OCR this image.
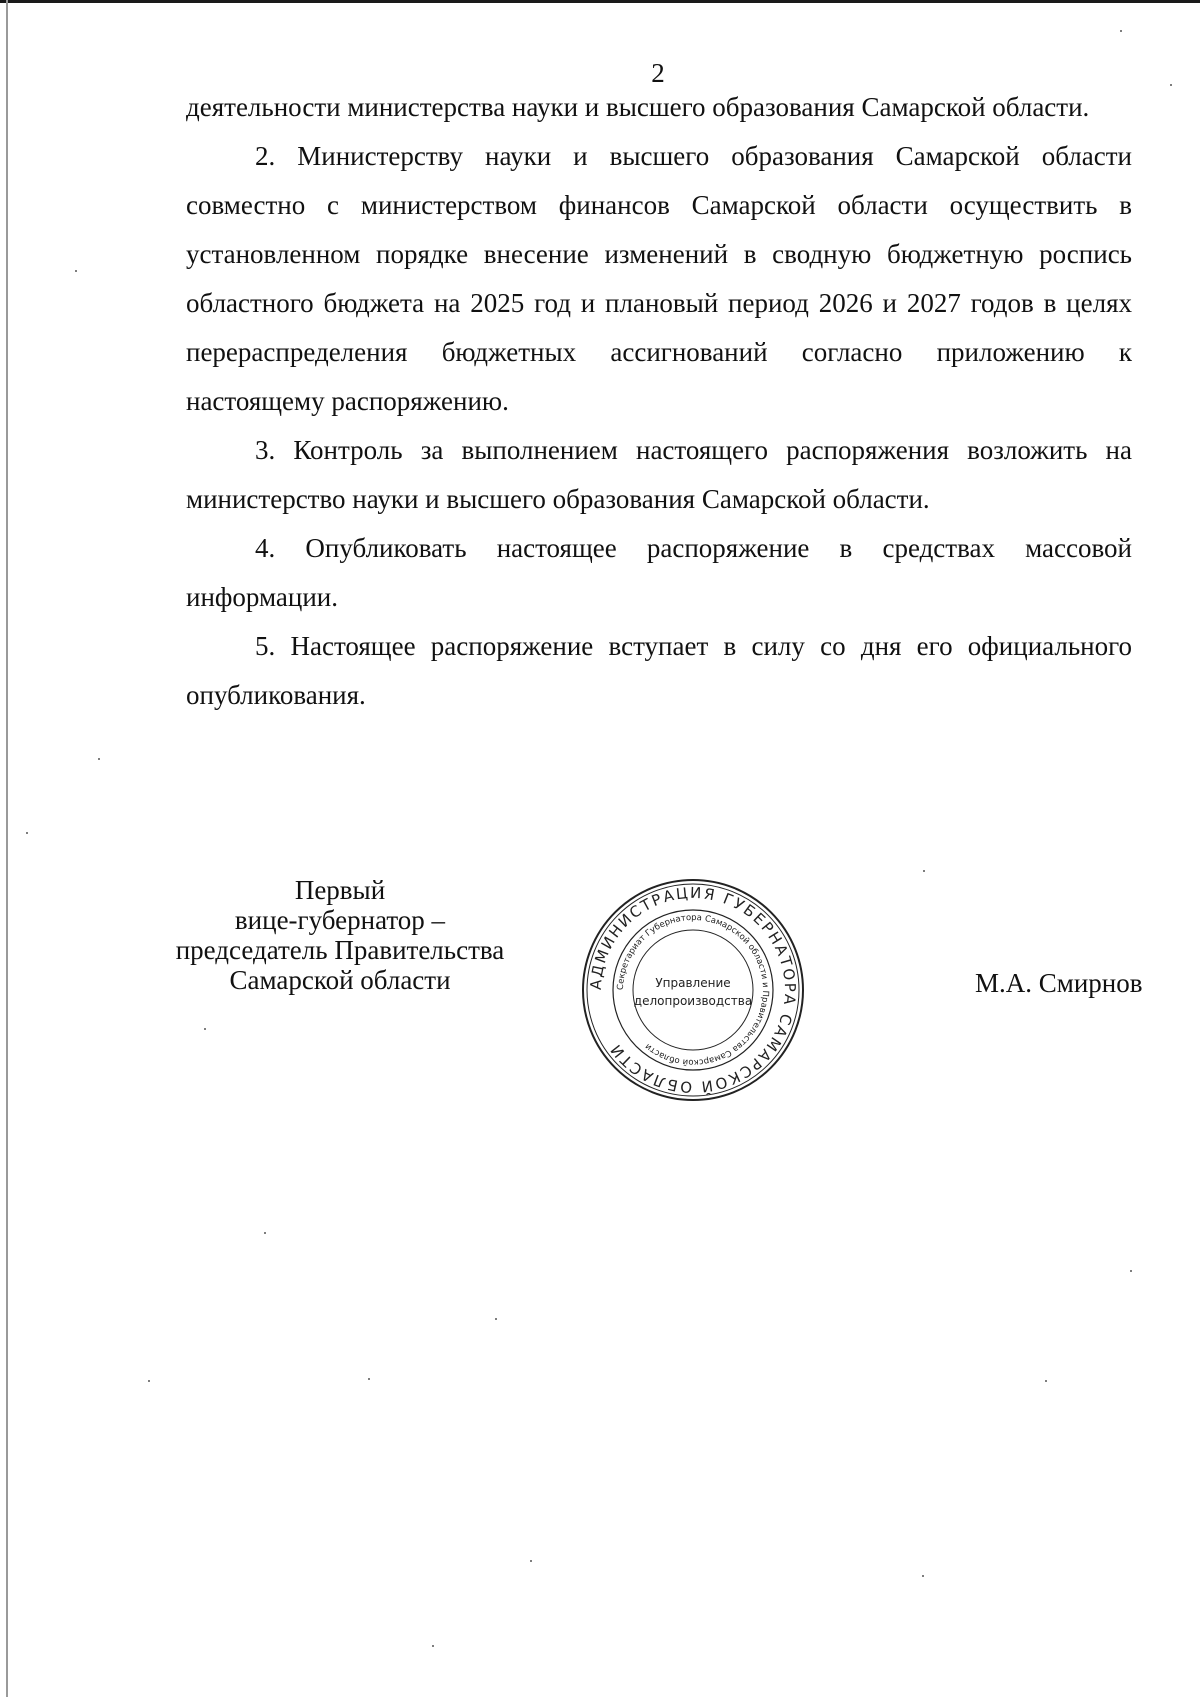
2

деятельности министерства науки и высшего образования Самарской области.

2. Министерству науки и высшего образования Самарской области совместно с министерством финансов Самарской области осуществить в установленном порядке внесение изменений в сводную бюджетную роспись областного бюджета на 2025 год и плановый период 2026 и 2027 годов в целях перераспределения бюджетных ассигнований согласно приложению к настоящему распоряжению.

3. Контроль за выполнением настоящего распоряжения возложить на министерство науки и высшего образования Самарской области.

4. Опубликовать настоящее распоряжение в средствах массовой информации.

5. Настоящее распоряжение вступает в силу со дня его официального опубликования.

Первый
вице-губернатор –
председатель Правительства
Самарской области	АДМИНИСТРАЦИЯ ГУБЕРНАТОРА САМАРСКОЙ ОБЛАСТИ
Секретариат Губернатора Самарской области и Правительства Самарской области
Управление
делопроизводства
М.А. Смирнов
